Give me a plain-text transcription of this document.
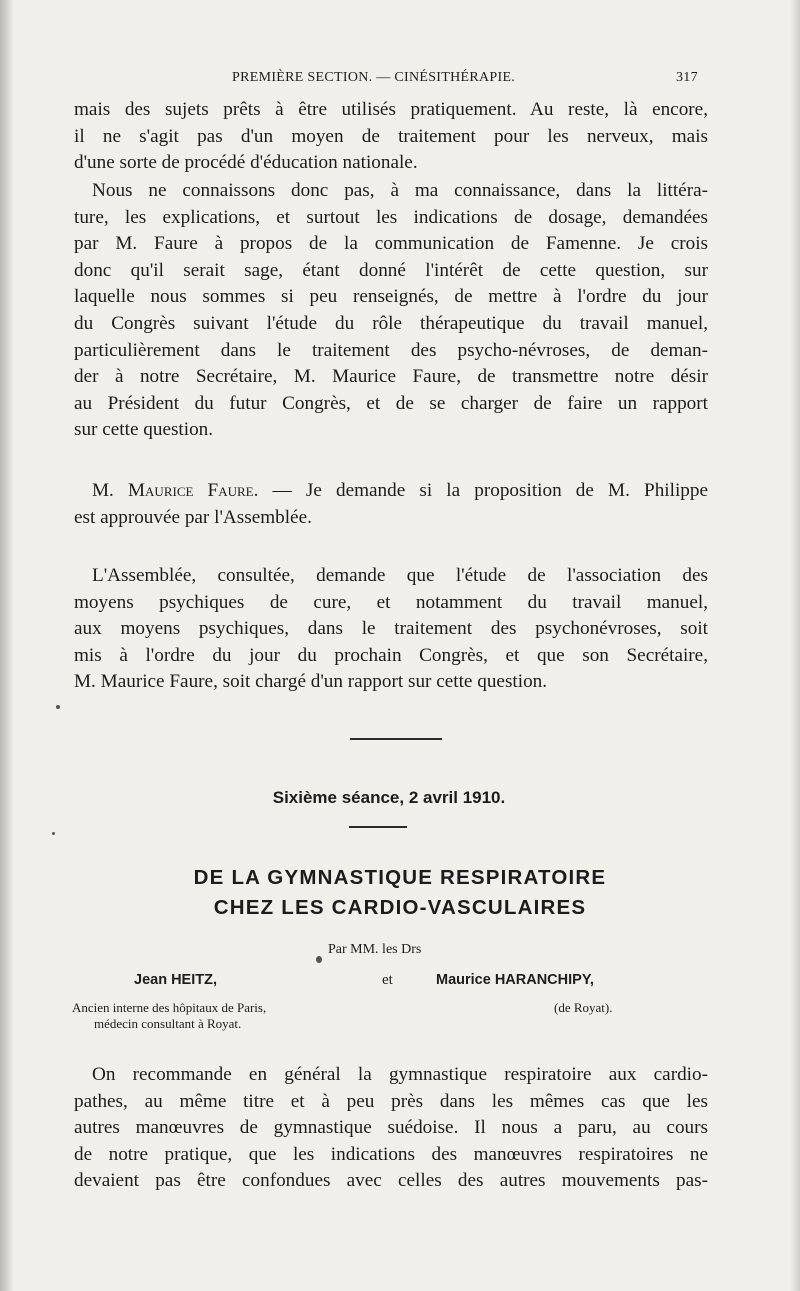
PREMIÈRE SECTION. — CINÉSITHÉRAPIE.	317
mais des sujets prêts à être utilisés pratiquement. Au reste, là encore,
il ne s'agit pas d'un moyen de traitement pour les nerveux, mais
d'une sorte de procédé d'éducation nationale.
Nous ne connaissons donc pas, à ma connaissance, dans la littéra-
ture, les explications, et surtout les indications de dosage, demandées
par M. Faure à propos de la communication de Famenne. Je crois
donc qu'il serait sage, étant donné l'intérêt de cette question, sur
laquelle nous sommes si peu renseignés, de mettre à l'ordre du jour
du Congrès suivant l'étude du rôle thérapeutique du travail manuel,
particulièrement dans le traitement des psycho-névroses, de deman-
der à notre Secrétaire, M. Maurice Faure, de transmettre notre désir
au Président du futur Congrès, et de se charger de faire un rapport
sur cette question.
M. Maurice Faure. — Je demande si la proposition de M. Philippe
est approuvée par l'Assemblée.
L'Assemblée, consultée, demande que l'étude de l'association des
moyens psychiques de cure, et notamment du travail manuel,
aux moyens psychiques, dans le traitement des psychonévroses, soit
mis à l'ordre du jour du prochain Congrès, et que son Secrétaire,
M. Maurice Faure, soit chargé d'un rapport sur cette question.
Sixième séance, 2 avril 1910.
DE LA GYMNASTIQUE RESPIRATOIRE
CHEZ LES CARDIO-VASCULAIRES
Par MM. les Drs
Jean HEITZ,	et	Maurice HARANCHIPY,
Ancien interne des hôpitaux de Paris,
médecin consultant à Royat.
(de Royat).
On recommande en général la gymnastique respiratoire aux cardio-
pathes, au même titre et à peu près dans les mêmes cas que les
autres manœuvres de gymnastique suédoise. Il nous a paru, au cours
de notre pratique, que les indications des manœuvres respiratoires ne
devaient pas être confondues avec celles des autres mouvements pas-
